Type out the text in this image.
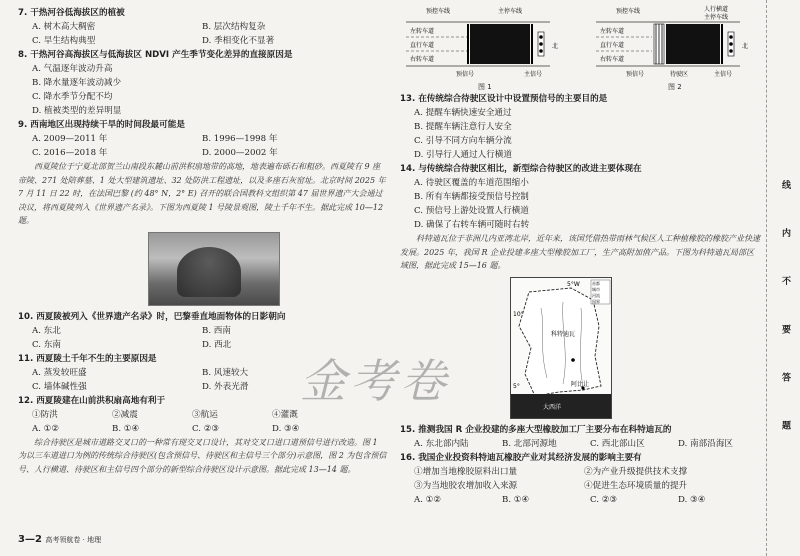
7. 干热河谷低海拔区的植被
A. 树木高大稠密	B. 层次结构复杂
C. 旱生结构典型	D. 季相变化不显著
8. 干热河谷高海拔区与低海拔区 NDVI 产生季节变化差异的直接原因是
A. 气温逐年波动升高
B. 降水量逐年波动减少
C. 降水季节分配不均
D. 植被类型的差异明显
9. 西南地区出现持续干旱的时间段最可能是
A. 2009—2011 年	B. 1996—1998 年
C. 2016—2018 年	D. 2000—2002 年
西夏陵位于宁夏北部贺兰山南段东麓山前洪积扇地带的高地，地表遍布砾石和粗砂。西夏陵有 9 座帝陵、271 处陪葬墓、1 处大型建筑遗址、32 处防洪工程遗址，以及多座石灰窑址。北京时间 2025 年 7 月 11 日 22 时，在法国巴黎 (约 48° N，2° E) 召开的联合国教科文组织第 47 届世界遗产大会通过决议，将西夏陵列入《世界遗产名录》。下图为西夏陵 1 号陵景观图，陵土千年不生。据此完成 10—12 题。
10. 西夏陵被列入《世界遗产名录》时，巴黎垂直地面物体的日影朝向
A. 东北	B. 西南
C. 东南	D. 西北
11. 西夏陵土千年不生的主要原因是
A. 蒸发较旺盛	B. 风速较大
C. 墙体碱性强	D. 外表光滑
12. 西夏陵建在山前洪积扇高地有利于
①防洪	②减震	③航运	④灌溉
A. ①②	B. ①④	C. ②③	D. ③④
综合待驶区是城市道路交叉口的一种常有现交叉口设计，其对交叉口进口道预信号进行改造。图 1 为以三车道进口为例的传统综合待驶区(包含预信号、待驶区和主信号三个部分)示意图，图 2 为包含预信号、人行横道、待驶区和主信号四个部分的新型综合待驶区设计示意图。据此完成 13—14 题。
左转车道
直行车道
右转车道
预控车线	主停车线
主信号
预信号
北
图 1
左转车道
直行车道
右转车道
预控车线	人行横道
主停车线
预信号	待驶区	主信号
北
图 2
13. 在传统综合待驶区设计中设置预信号的主要目的是
A. 提醒车辆快速安全通过
B. 提醒车辆注意行人安全
C. 引导不同方向车辆分流
D. 引导行人通过人行横道
14. 与传统综合待驶区相比，新型综合待驶区的改进主要体现在
A. 待驶区覆盖的车道范围缩小
B. 所有车辆都接受预信号控制
C. 预信号上游处设置人行横道
D. 确保了右转车辆可随时右转
科特迪瓦位于非洲几内亚湾北岸，近年来，该国凭借热带雨林气候区人工种植橡胶的橡胶产业快速发展。2025 年，我国 R 企业投建多座大型橡胶加工厂，生产高附加值产品。下图为科特迪瓦局部区域图，据此完成 15—16 题。
科特迪瓦
阿比让
大西洋
10°
5°
5°W	首都
城市
河流
国界
15. 推测我国 R 企业投建的多座大型橡胶加工厂主要分布在科特迪瓦的
A. 东北部内陆	B. 北部河源地	C. 西北部山区	D. 南部沿海区
16. 我国企业投资科特迪瓦橡胶产业对其经济发展的影响主要有
①增加当地橡胶原料出口量	②为产业升级提供技术支撑
③为当地胶农增加收入来源	④促进生态环境质量的提升
A. ①②	B. ①④	C. ②③	D. ③④
线 内 不 要 答 题
金考卷
3—2 高考领航卷 · 地理
